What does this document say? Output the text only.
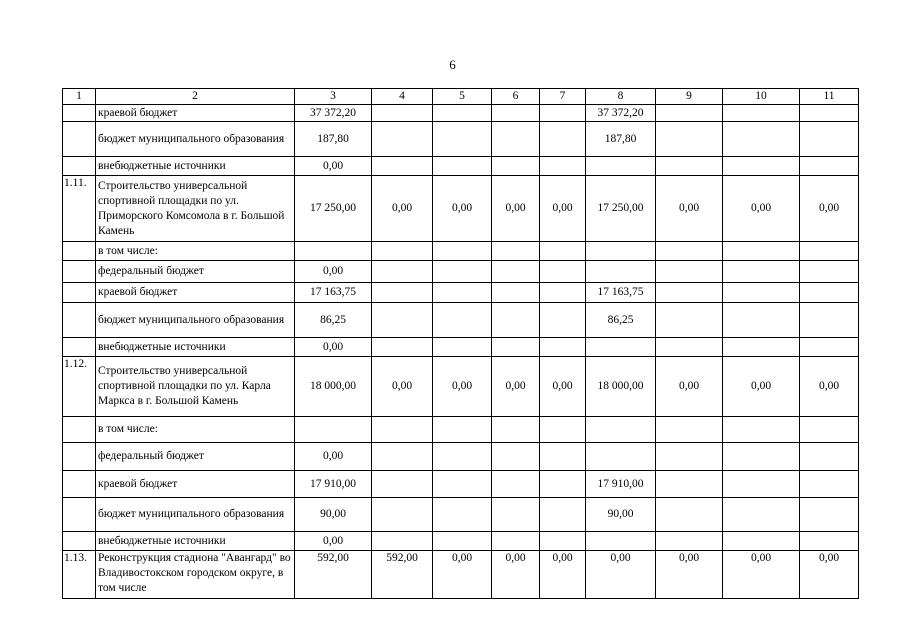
6
1	2	3	4	5	6	7	8	9	10	11
	краевой бюджет	37 372,20					37 372,20			
	бюджет муниципального образования	187,80					187,80			
	внебюджетные источники	0,00								
1.11.	Строительство универсальной спортивной площадки по ул. Приморского Комсомола в г. Большой Камень	17 250,00	0,00	0,00	0,00	0,00	17 250,00	0,00	0,00	0,00
	в том числе:									
	федеральный бюджет	0,00								
	краевой бюджет	17 163,75					17 163,75			
	бюджет муниципального образования	86,25					86,25			
	внебюджетные источники	0,00								
1.12.	Строительство универсальной спортивной площадки по ул. Карла Маркса в г. Большой Камень	18 000,00	0,00	0,00	0,00	0,00	18 000,00	0,00	0,00	0,00
	в том числе:									
	федеральный бюджет	0,00								
	краевой бюджет	17 910,00					17 910,00			
	бюджет муниципального образования	90,00					90,00			
	внебюджетные источники	0,00								
1.13.	Реконструкция стадиона "Авангард" во Владивостокском городском округе, в том числе	592,00	592,00	0,00	0,00	0,00	0,00	0,00	0,00	0,00
